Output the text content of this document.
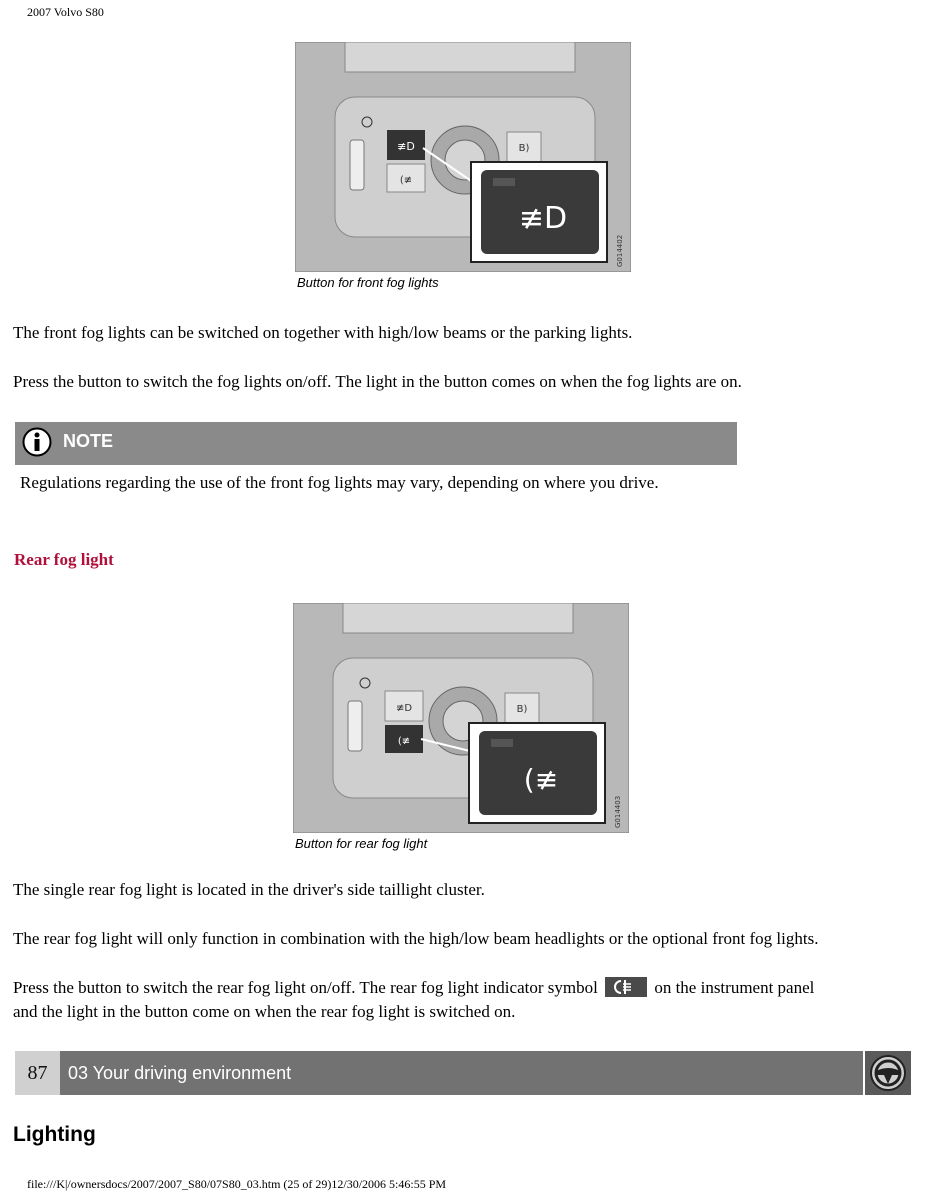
2007 Volvo S80
≢D
(≢
B)
≢D
G014402
Button for front fog lights
The front fog lights can be switched on together with high/low beams or the parking lights.
Press the button to switch the fog lights on/off. The light in the button comes on when the fog lights are on.
NOTE
Regulations regarding the use of the front fog lights may vary, depending on where you drive.
Rear fog light
≢D
(≢
B)
(≢
G014403
Button for rear fog light
The single rear fog light is located in the driver's side taillight cluster.
The rear fog light will only function in combination with the high/low beam headlights or the optional front fog lights.
Press the button to switch the rear fog light on/off. The rear fog light indicator symbol	on the instrument panel
and the light in the button come on when the rear fog light is switched on.
87	03 Your driving environment
Lighting
file:///K|/ownersdocs/2007/2007_S80/07S80_03.htm (25 of 29)12/30/2006 5:46:55 PM
